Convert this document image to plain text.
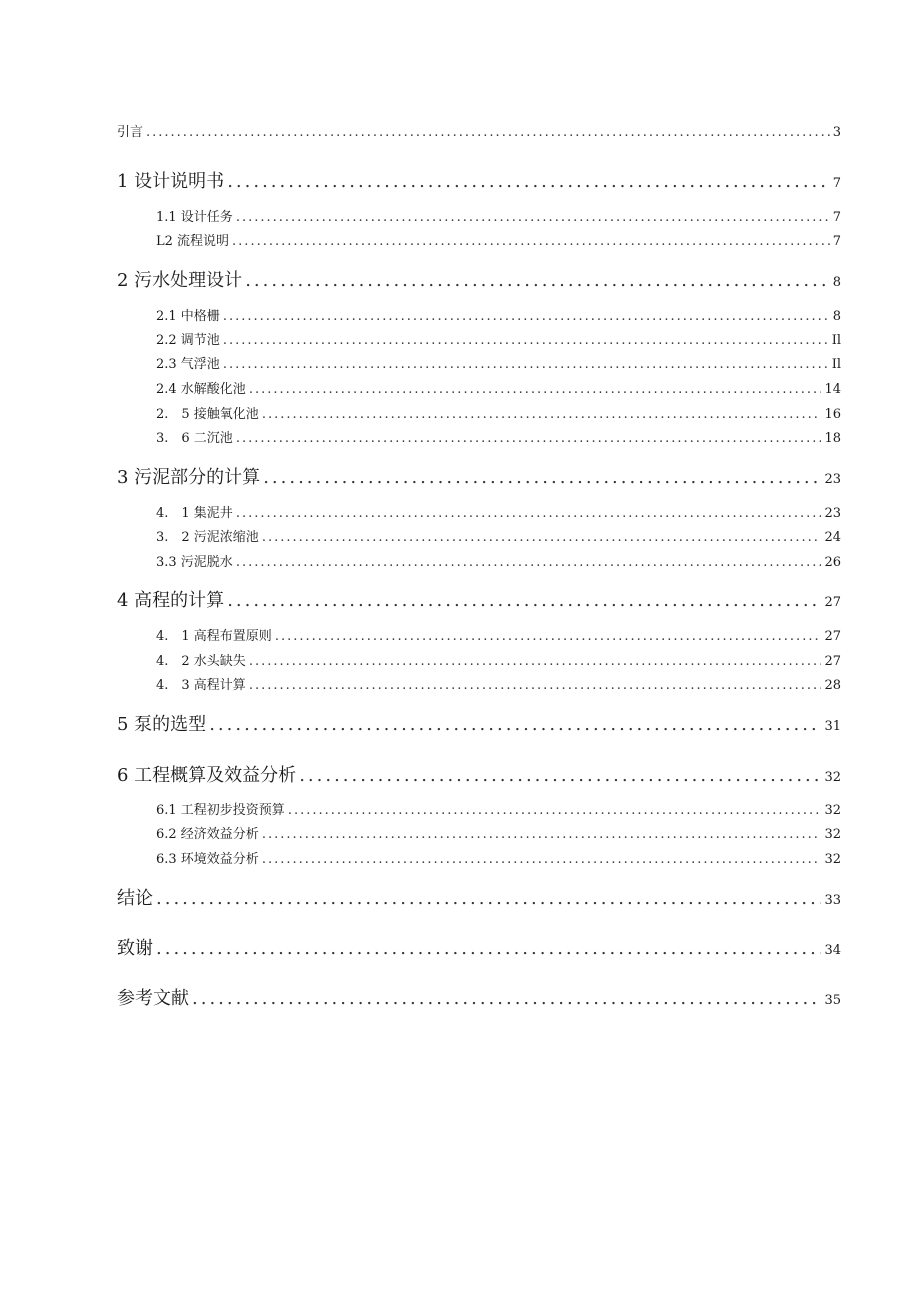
引言 .....	3
1 设计说明书 .....	7
1.1 设计任务 .....	7
L2 流程说明 .....	7
2 污水处理设计 .....	8
2.1 中格栅 .....	8
2.2 调节池 .....	Il
2.3 气浮池 .....	Il
2.4 水解酸化池 .....	14
2.　5 接触氧化池 .....	16
3.　6 二沉池 .....	18
3 污泥部分的计算 .....	23
4.　1 集泥井 .....	23
3.　2 污泥浓缩池 .....	24
3.3 污泥脱水 .....	26
4 高程的计算 .....	27
4.　1 高程布置原则 .....	27
4.　2 水头缺失 .....	27
4.　3 高程计算 .....	28
5 泵的选型 .....	31
6 工程概算及效益分析 .....	32
6.1 工程初步投资预算 .....	32
6.2 经济效益分析 .....	32
6.3 环境效益分析 .....	32
结论 .....	33
致谢 .....	34
参考文献 .....	35
